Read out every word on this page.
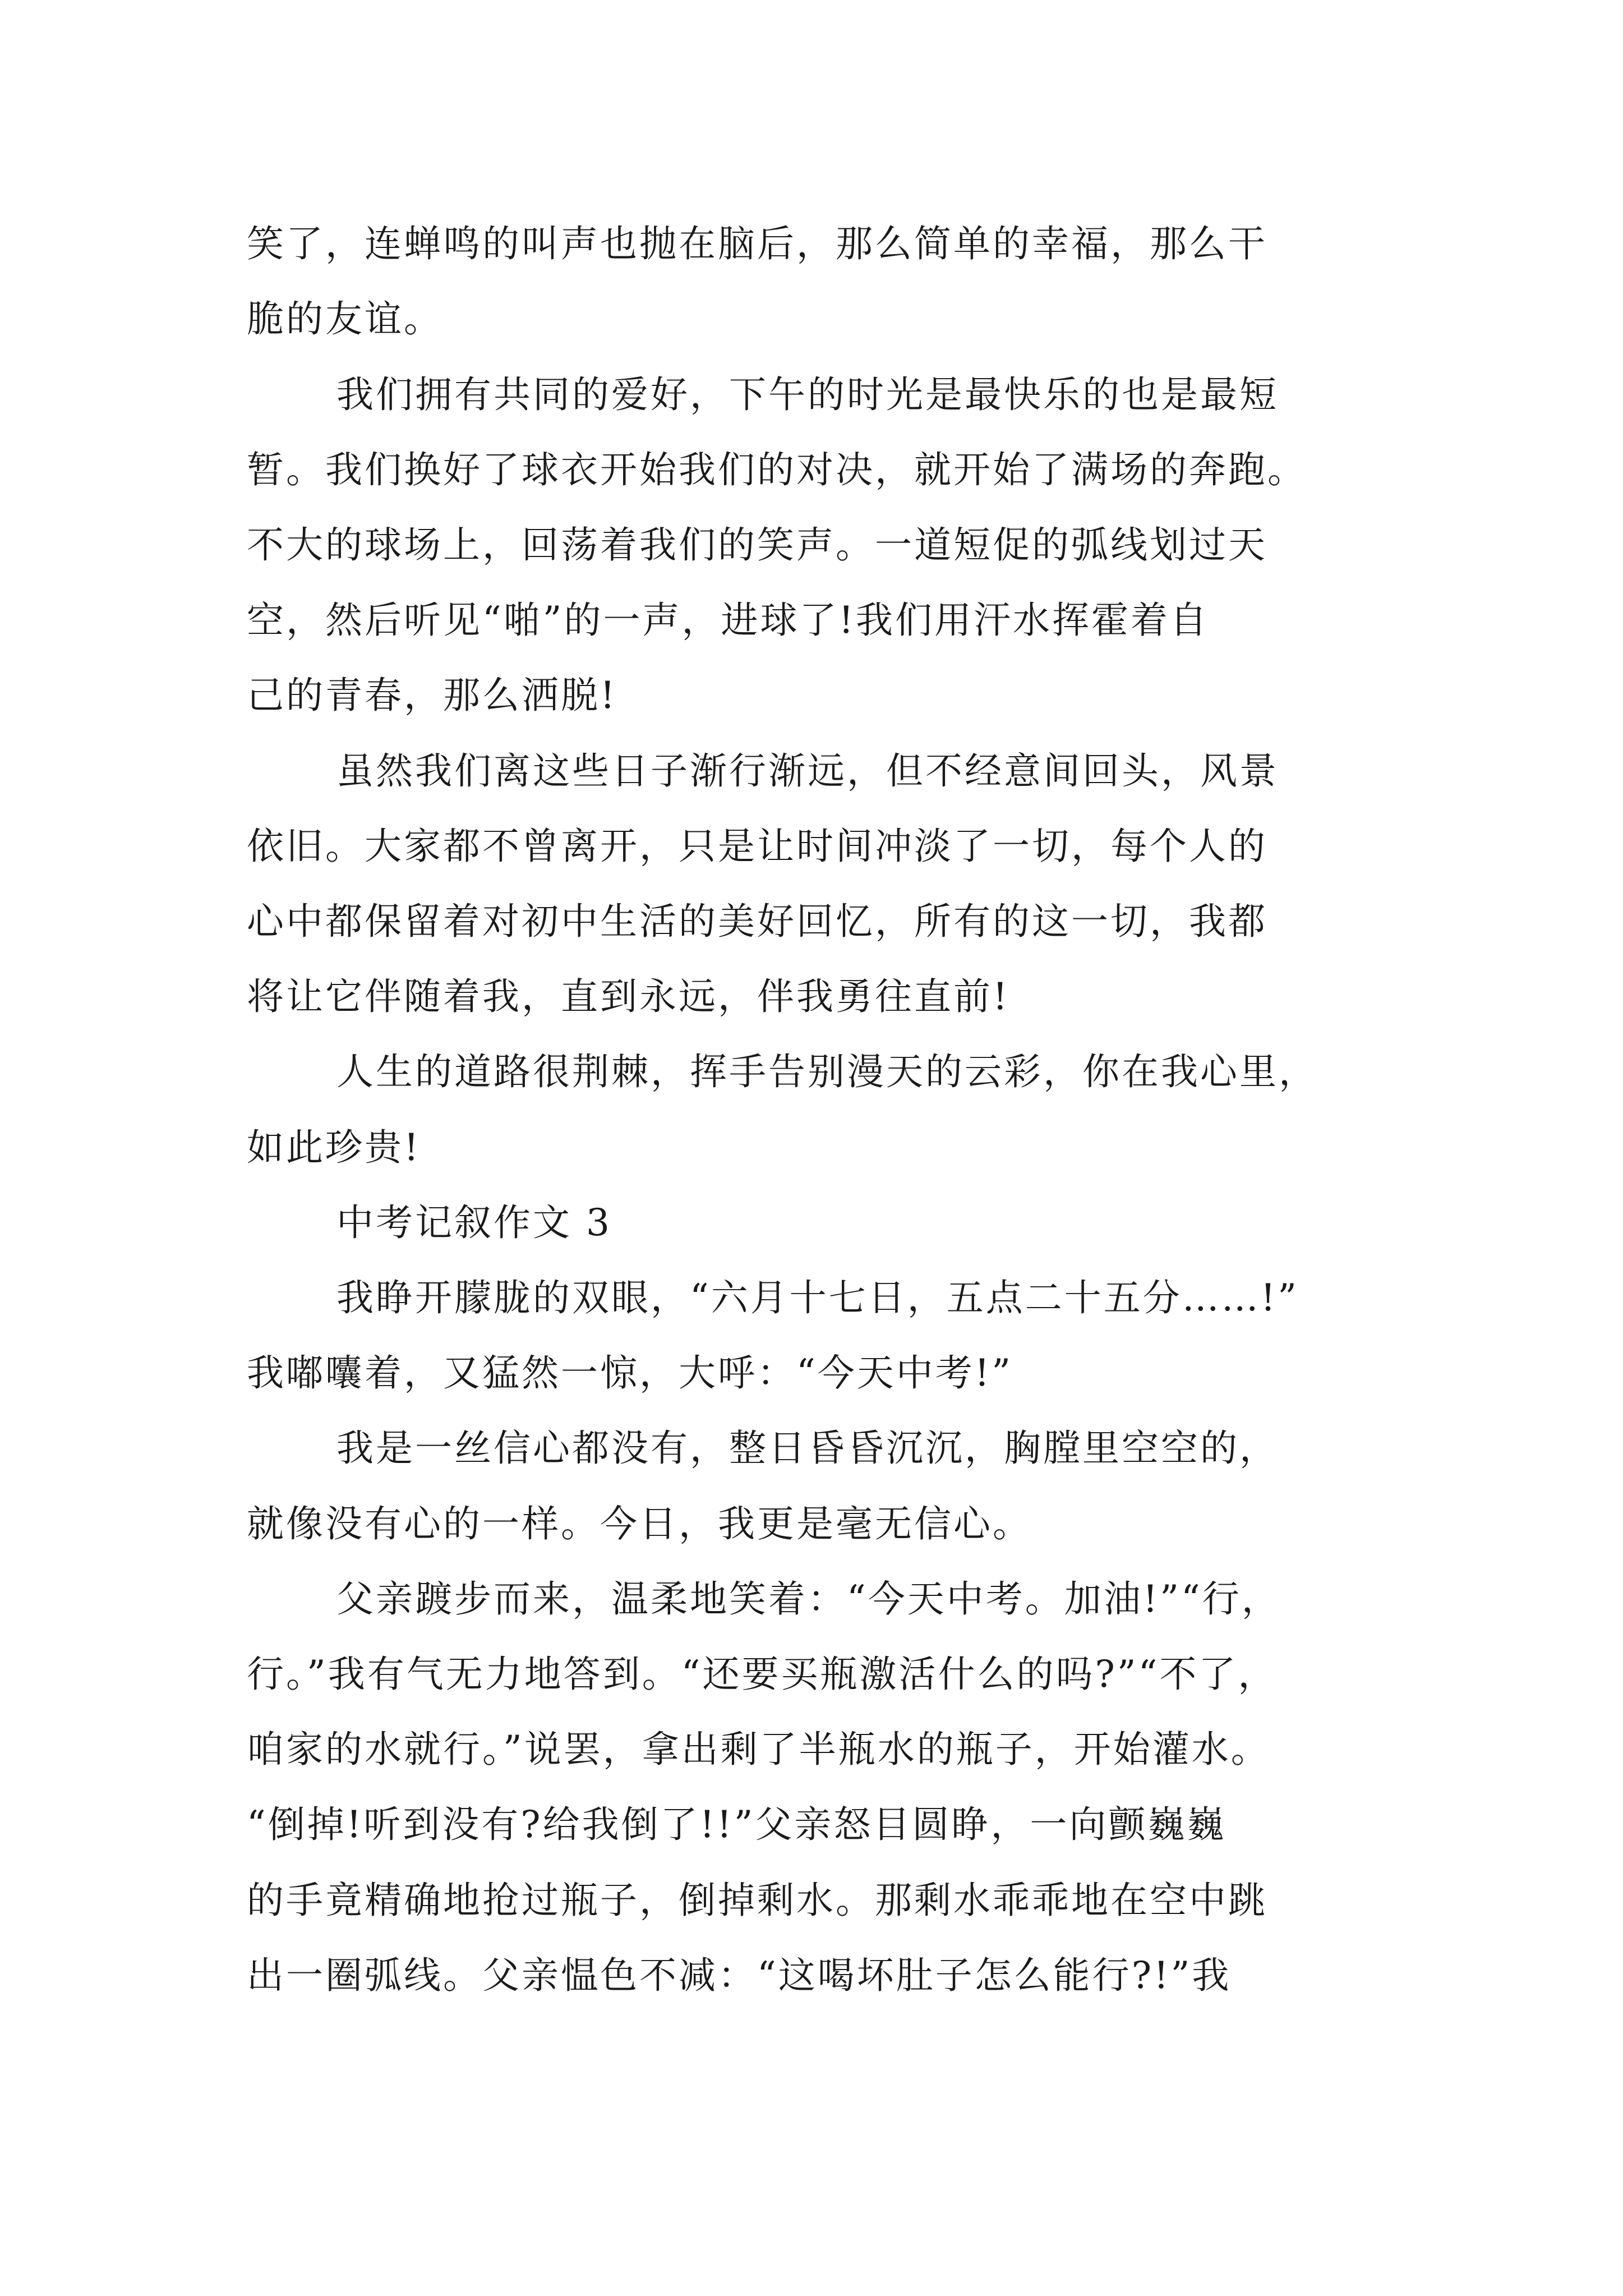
笑了，连蝉鸣的叫声也抛在脑后，那么简单的幸福，那么干

脆的友谊。

我们拥有共同的爱好，下午的时光是最快乐的也是最短

暂。我们换好了球衣开始我们的对决，就开始了满场的奔跑。

不大的球场上，回荡着我们的笑声。一道短促的弧线划过天

空，然后听见“啪”的一声，进球了!我们用汗水挥霍着自

己的青春，那么洒脱!

虽然我们离这些日子渐行渐远，但不经意间回头，风景

依旧。大家都不曾离开，只是让时间冲淡了一切，每个人的

心中都保留着对初中生活的美好回忆，所有的这一切，我都

将让它伴随着我，直到永远，伴我勇往直前!

人生的道路很荆棘，挥手告别漫天的云彩，你在我心里，

如此珍贵!

中考记叙作文 3

我睁开朦胧的双眼，“六月十七日，五点二十五分……!”

我嘟囔着，又猛然一惊，大呼：“今天中考!”

我是一丝信心都没有，整日昏昏沉沉，胸膛里空空的，

就像没有心的一样。今日，我更是毫无信心。

父亲踱步而来，温柔地笑着：“今天中考。加油!”“行，

行。”我有气无力地答到。“还要买瓶激活什么的吗?”“不了，

咱家的水就行。”说罢，拿出剩了半瓶水的瓶子，开始灌水。

“倒掉!听到没有?给我倒了!!”父亲怒目圆睁，一向颤巍巍

的手竟精确地抢过瓶子，倒掉剩水。那剩水乖乖地在空中跳

出一圈弧线。父亲愠色不减：“这喝坏肚子怎么能行?!”我
